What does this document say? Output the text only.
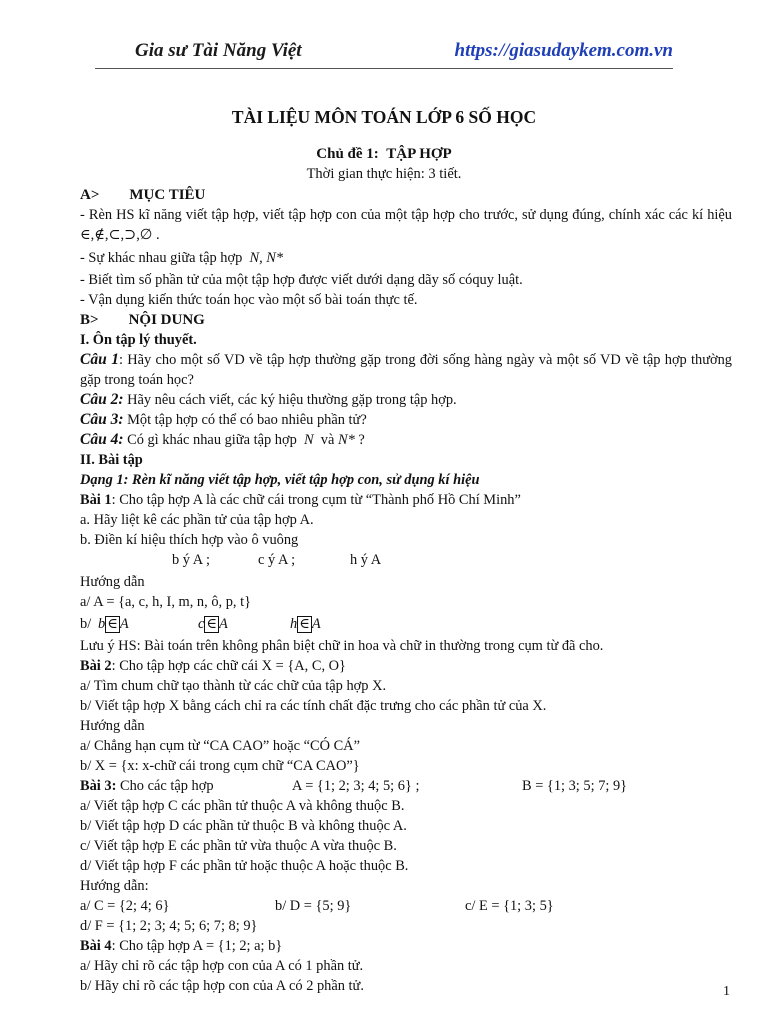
Gia sư Tài Năng Việt	https://giasudaykem.com.vn
TÀI LIỆU MÔN TOÁN LỚP 6 SỐ HỌC
Chủ đề 1: TẬP HỢP
Thời gian thực hiện: 3 tiết.

A> MỤC TIÊU

- Rèn HS kĩ năng viết tập hợp, viết tập hợp con của một tập hợp cho trước, sử dụng đúng, chính xác các kí hiệu ∈,∉,⊂,⊃,∅ .

- Sự khác nhau giữa tập hợp N, N*

- Biết tìm số phần tử của một tập hợp được viết dưới dạng dãy số cóquy luật.

- Vận dụng kiến thức toán học vào một số bài toán thực tế.

B> NỘI DUNG

I. Ôn tập lý thuyết.

Câu 1: Hãy cho một số VD về tập hợp thường gặp trong đời sống hàng ngày và một số VD về tập hợp thường gặp trong toán học?

Câu 2: Hãy nêu cách viết, các ký hiệu thường gặp trong tập hợp.

Câu 3: Một tập hợp có thể có bao nhiêu phần tử?

Câu 4: Có gì khác nhau giữa tập hợp N và N* ?

II. Bài tập

Dạng 1: Rèn kĩ năng viết tập hợp, viết tập hợp con, sử dụng kí hiệu

Bài 1: Cho tập hợp A là các chữ cái trong cụm từ “Thành phố Hồ Chí Minh”

a. Hãy liệt kê các phần tử của tập hợp A.

b. Điền kí hiệu thích hợp vào ô vuông

b ý A ;	c ý A ;	h ý A

Hướng dẫn

a/ A = {a, c, h, I, m, n, ô, p, t}

b/ b ∈ A	c ∈ A	h ∈ A

Lưu ý HS: Bài toán trên không phân biệt chữ in hoa và chữ in thường trong cụm từ đã cho.

Bài 2: Cho tập hợp các chữ cái X = {A, C, O}

a/ Tìm chum chữ tạo thành từ các chữ của tập hợp X.

b/ Viết tập hợp X bằng cách chỉ ra các tính chất đặc trưng cho các phần tử của X.

Hướng dẫn

a/ Chẳng hạn cụm từ “CA CAO” hoặc “CÓ CÁ”

b/ X = {x: x-chữ cái trong cụm chữ “CA CAO”}

Bài 3: Cho các tập hợp	A = {1; 2; 3; 4; 5; 6} ;	B = {1; 3; 5; 7; 9}

a/ Viết tập hợp C các phần tử thuộc A và không thuộc B.

b/ Viết tập hợp D các phần tử thuộc B và không thuộc A.

c/ Viết tập hợp E các phần tử vừa thuộc A vừa thuộc B.

d/ Viết tập hợp F các phần tử hoặc thuộc A hoặc thuộc B.

Hướng dẫn:

a/ C = {2; 4; 6}	b/ D = {5; 9}	c/ E = {1; 3; 5}

d/ F = {1; 2; 3; 4; 5; 6; 7; 8; 9}

Bài 4: Cho tập hợp A = {1; 2; a; b}

a/ Hãy chỉ rõ các tập hợp con của A có 1 phần tử.

b/ Hãy chỉ rõ các tập hợp con của A có 2 phần tử.	1
